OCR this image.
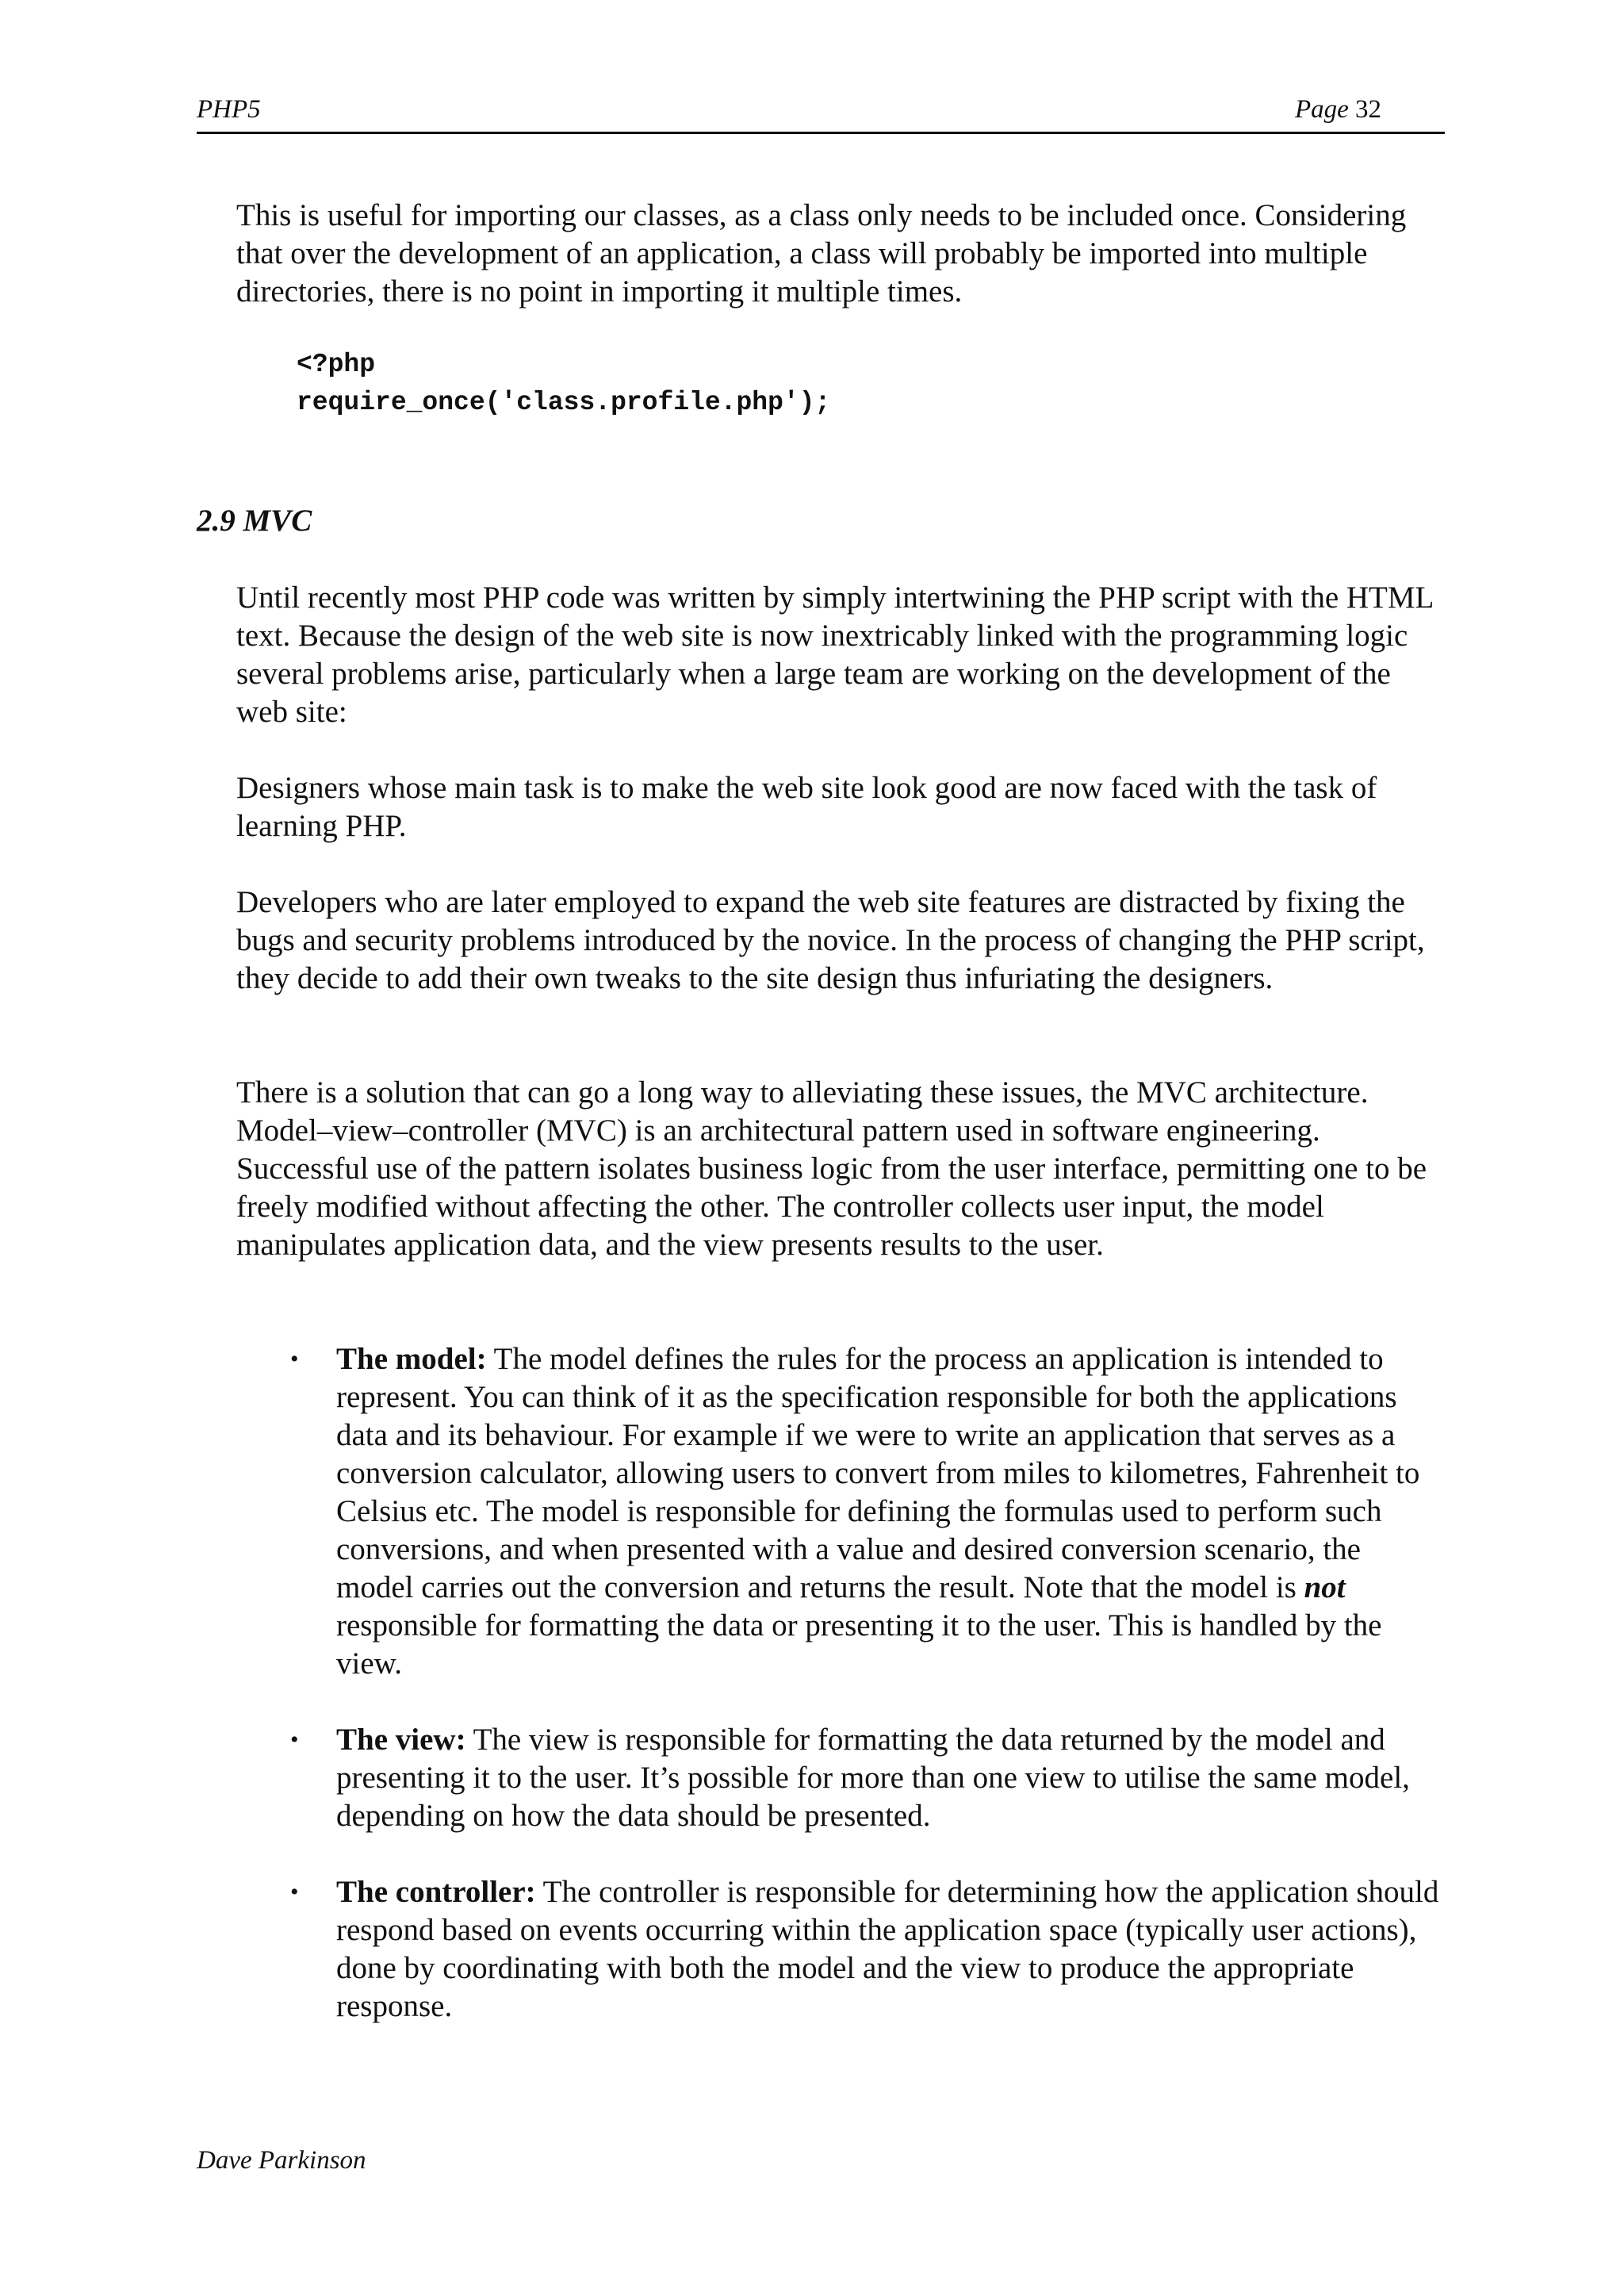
PHP5	Page 32

This is useful for importing our classes, as a class only needs to be included once. Considering that over the development of an application, a class will probably be imported into multiple directories, there is no point in importing it multiple times.

<?php
require_once('class.profile.php');
2.9 MVC

Until recently most PHP code was written by simply intertwining the PHP script with the HTML text. Because the design of the web site is now inextricably linked with the programming logic several problems arise, particularly when a large team are working on the development of the web site:

Designers whose main task is to make the web site look good are now faced with the task of learning PHP.

Developers who are later employed to expand the web site features are distracted by fixing the bugs and security problems introduced by the novice. In the process of changing the PHP script, they decide to add their own tweaks to the site design thus infuriating the designers.

There is a solution that can go a long way to alleviating these issues, the MVC architecture. Model–view–controller (MVC) is an architectural pattern used in software engineering. Successful use of the pattern isolates business logic from the user interface, permitting one to be freely modified without affecting the other. The controller collects user input, the model manipulates application data, and the view presents results to the user.

• The model: The model defines the rules for the process an application is intended to represent. You can think of it as the specification responsible for both the applications data and its behaviour. For example if we were to write an application that serves as a conversion calculator, allowing users to convert from miles to kilometres, Fahrenheit to Celsius etc. The model is responsible for defining the formulas used to perform such conversions, and when presented with a value and desired conversion scenario, the model carries out the conversion and returns the result. Note that the model is not responsible for formatting the data or presenting it to the user. This is handled by the view.
• The view: The view is responsible for formatting the data returned by the model and presenting it to the user. It’s possible for more than one view to utilise the same model, depending on how the data should be presented.
• The controller: The controller is responsible for determining how the application should respond based on events occurring within the application space (typically user actions), done by coordinating with both the model and the view to produce the appropriate response.
Dave Parkinson
